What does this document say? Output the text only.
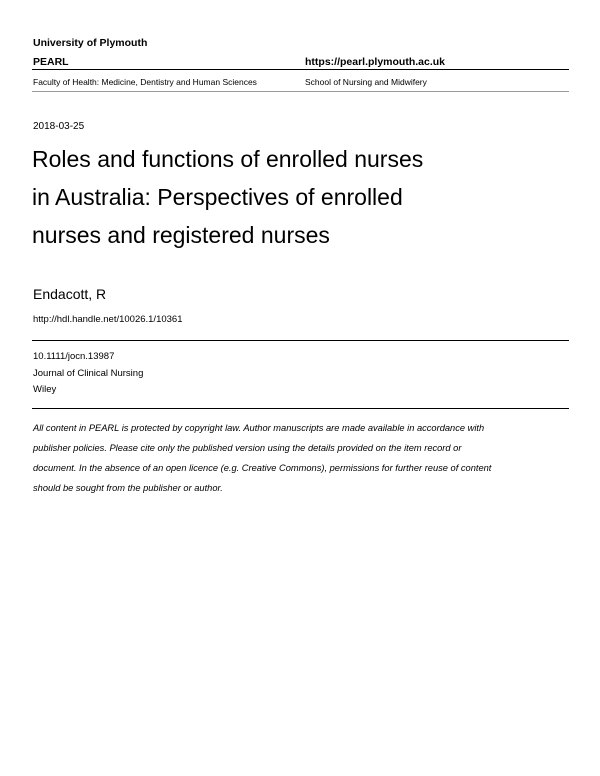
University of Plymouth
PEARL	https://pearl.plymouth.ac.uk
Faculty of Health: Medicine, Dentistry and Human Sciences	School of Nursing and Midwifery
2018-03-25
Roles and functions of enrolled nurses
in Australia: Perspectives of enrolled
nurses and registered nurses
Endacott, R
http://hdl.handle.net/10026.1/10361
10.1111/jocn.13987
Journal of Clinical Nursing
Wiley

All content in PEARL is protected by copyright law. Author manuscripts are made available in accordance with
publisher policies. Please cite only the published version using the details provided on the item record or
document. In the absence of an open licence (e.g. Creative Commons), permissions for further reuse of content
should be sought from the publisher or author.
